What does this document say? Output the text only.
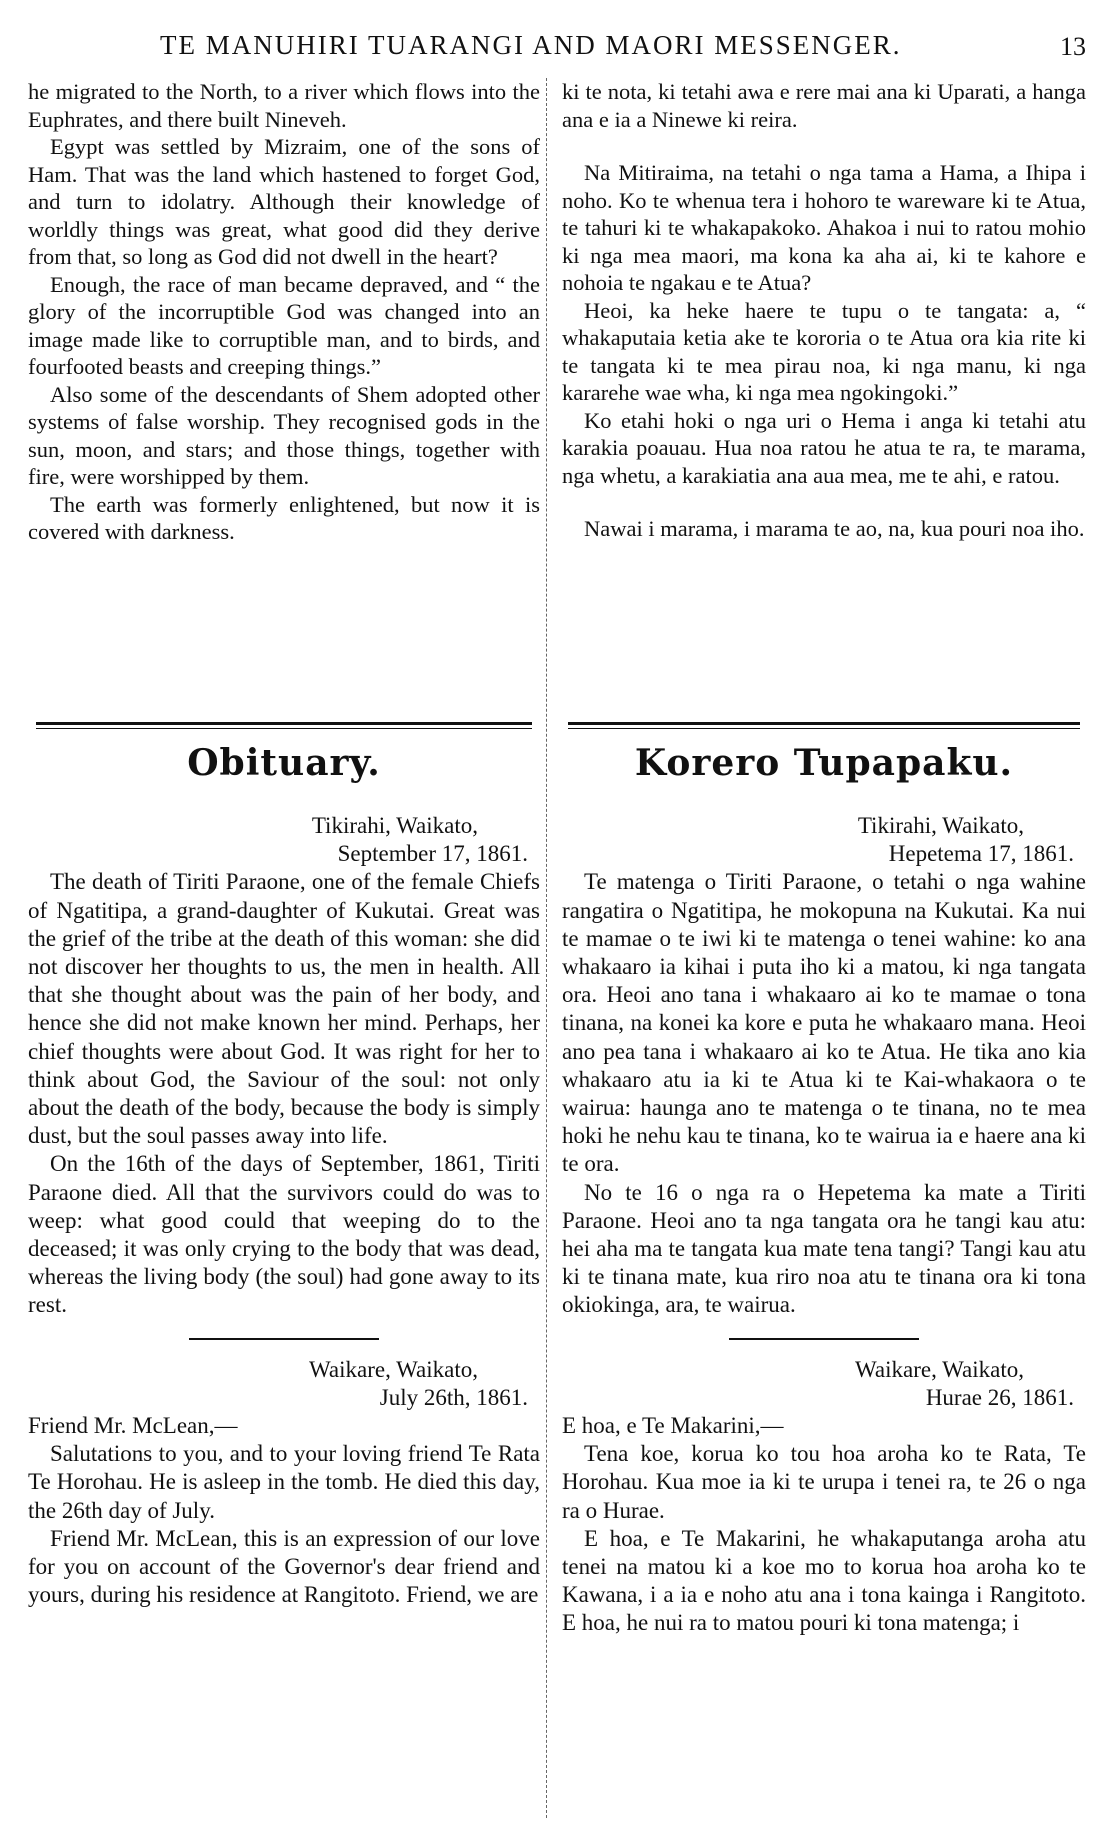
TE MANUHIRI TUARANGI AND MAORI MESSENGER.	13

he migrated to the North, to a river which flows into the Euphrates, and there built Nineveh.

Egypt was settled by Mizraim, one of the sons of Ham. That was the land which hastened to forget God, and turn to idolatry. Although their knowledge of worldly things was great, what good did they derive from that, so long as God did not dwell in the heart?

Enough, the race of man became depraved, and “ the glory of the incorruptible God was changed into an image made like to corruptible man, and to birds, and fourfooted beasts and creeping things.”

Also some of the descendants of Shem adopted other systems of false worship. They recognised gods in the sun, moon, and stars; and those things, together with fire, were worshipped by them.

The earth was formerly enlightened, but now it is covered with darkness.

ki te nota, ki tetahi awa e rere mai ana ki Uparati, a hanga ana e ia a Ninewe ki reira.

Na Mitiraima, na tetahi o nga tama a Hama, a Ihipa i noho. Ko te whenua tera i hohoro te wareware ki te Atua, te tahuri ki te whakapakoko. Ahakoa i nui to ratou mohio ki nga mea maori, ma kona ka aha ai, ki te kahore e nohoia te ngakau e te Atua?

Heoi, ka heke haere te tupu o te tangata: a, “ whakaputaia ketia ake te kororia o te Atua ora kia rite ki te tangata ki te mea pirau noa, ki nga manu, ki nga kararehe wae wha, ki nga mea ngokingoki.”

Ko etahi hoki o nga uri o Hema i anga ki tetahi atu karakia poauau. Hua noa ratou he atua te ra, te marama, nga whetu, a karakiatia ana aua mea, me te ahi, e ratou.

Nawai i marama, i marama te ao, na, kua pouri noa iho.

Obituary.	Korero Tupapaku.

Tikirahi, Waikato,

September 17, 1861.

The death of Tiriti Paraone, one of the female Chiefs of Ngatitipa, a grand-daughter of Kukutai. Great was the grief of the tribe at the death of this woman: she did not discover her thoughts to us, the men in health. All that she thought about was the pain of her body, and hence she did not make known her mind. Perhaps, her chief thoughts were about God. It was right for her to think about God, the Saviour of the soul: not only about the death of the body, because the body is simply dust, but the soul passes away into life.

On the 16th of the days of September, 1861, Tiriti Paraone died. All that the survivors could do was to weep: what good could that weeping do to the deceased; it was only crying to the body that was dead, whereas the living body (the soul) had gone away to its rest.

Waikare, Waikato,

July 26th, 1861.

Friend Mr. McLean,—

Salutations to you, and to your loving friend Te Rata Te Horohau. He is asleep in the tomb. He died this day, the 26th day of July.

Friend Mr. McLean, this is an expression of our love for you on account of the Governor's dear friend and yours, during his residence at Rangitoto. Friend, we are

Tikirahi, Waikato,

Hepetema 17, 1861.

Te matenga o Tiriti Paraone, o tetahi o nga wahine rangatira o Ngatitipa, he mokopuna na Kukutai. Ka nui te mamae o te iwi ki te matenga o tenei wahine: ko ana whakaaro ia kihai i puta iho ki a matou, ki nga tangata ora. Heoi ano tana i whakaaro ai ko te mamae o tona tinana, na konei ka kore e puta he whakaaro mana. Heoi ano pea tana i whakaaro ai ko te Atua. He tika ano kia whakaaro atu ia ki te Atua ki te Kai-whakaora o te wairua: haunga ano te matenga o te tinana, no te mea hoki he nehu kau te tinana, ko te wairua ia e haere ana ki te ora.

No te 16 o nga ra o Hepetema ka mate a Tiriti Paraone. Heoi ano ta nga tangata ora he tangi kau atu: hei aha ma te tangata kua mate tena tangi? Tangi kau atu ki te tinana mate, kua riro noa atu te tinana ora ki tona okiokinga, ara, te wairua.

Waikare, Waikato,

Hurae 26, 1861.

E hoa, e Te Makarini,—

Tena koe, korua ko tou hoa aroha ko te Rata, Te Horohau. Kua moe ia ki te urupa i tenei ra, te 26 o nga ra o Hurae.

E hoa, e Te Makarini, he whakaputanga aroha atu tenei na matou ki a koe mo to korua hoa aroha ko te Kawana, i a ia e noho atu ana i tona kainga i Rangitoto. E hoa, he nui ra to matou pouri ki tona matenga; i
